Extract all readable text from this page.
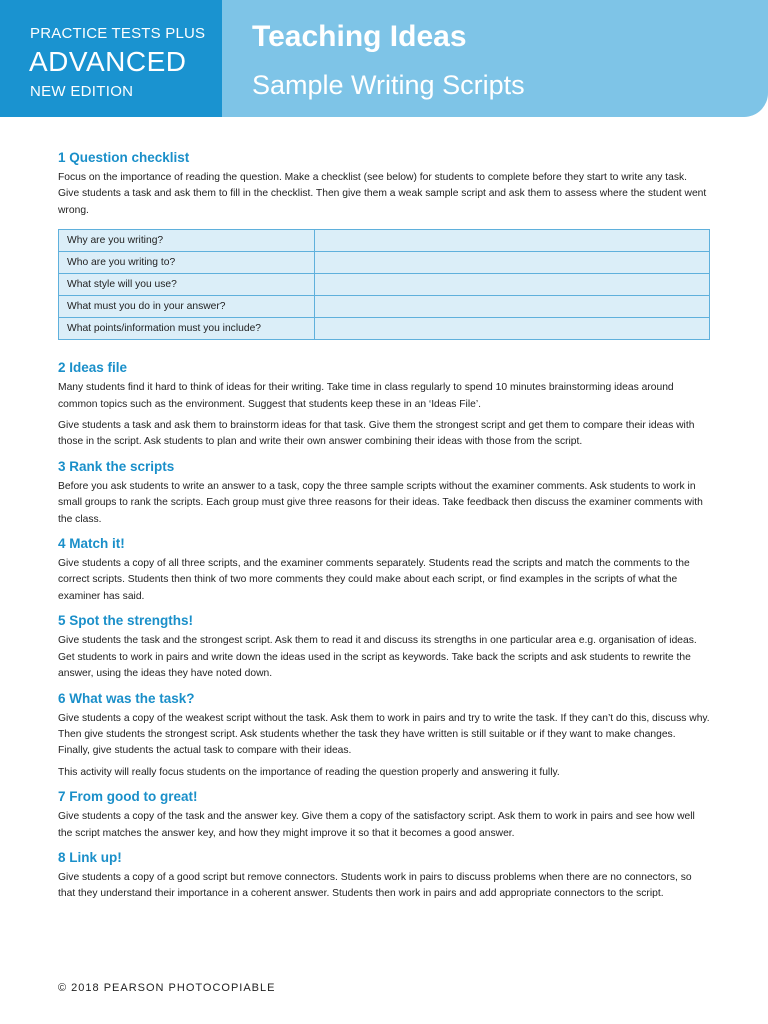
PRACTICE TESTS PLUS
ADVANCED
NEW EDITION
Teaching Ideas
Sample Writing Scripts
1 Question checklist

Focus on the importance of reading the question. Make a checklist (see below) for students to complete before they start to write any task. Give students a task and ask them to fill in the checklist. Then give them a weak sample script and ask them to assess where the student went wrong.

Why are you writing?	
Who are you writing to?	
What style will you use?	
What must you do in your answer?	
What points/information must you include?	
2 Ideas file

Many students find it hard to think of ideas for their writing. Take time in class regularly to spend 10 minutes brainstorming ideas around common topics such as the environment. Suggest that students keep these in an ‘Ideas File’.

Give students a task and ask them to brainstorm ideas for that task. Give them the strongest script and get them to compare their ideas with those in the script. Ask students to plan and write their own answer combining their ideas with those from the script.

3 Rank the scripts

Before you ask students to write an answer to a task, copy the three sample scripts without the examiner comments. Ask students to work in small groups to rank the scripts. Each group must give three reasons for their ideas. Take feedback then discuss the examiner comments with the class.

4 Match it!

Give students a copy of all three scripts, and the examiner comments separately. Students read the scripts and match the comments to the correct scripts. Students then think of two more comments they could make about each script, or find examples in the scripts of what the examiner has said.

5 Spot the strengths!

Give students the task and the strongest script. Ask them to read it and discuss its strengths in one particular area e.g. organisation of ideas. Get students to work in pairs and write down the ideas used in the script as keywords. Take back the scripts and ask students to rewrite the answer, using the ideas they have noted down.

6 What was the task?

Give students a copy of the weakest script without the task. Ask them to work in pairs and try to write the task. If they can’t do this, discuss why. Then give students the strongest script. Ask students whether the task they have written is still suitable or if they want to make changes. Finally, give students the actual task to compare with their ideas.

This activity will really focus students on the importance of reading the question properly and answering it fully.

7 From good to great!

Give students a copy of the task and the answer key. Give them a copy of the satisfactory script. Ask them to work in pairs and see how well the script matches the answer key, and how they might improve it so that it becomes a good answer.

8 Link up!

Give students a copy of a good script but remove connectors. Students work in pairs to discuss problems when there are no connectors, so that they understand their importance in a coherent answer. Students then work in pairs and add appropriate connectors to the script.

© 2018 PEARSON PHOTOCOPIABLE
